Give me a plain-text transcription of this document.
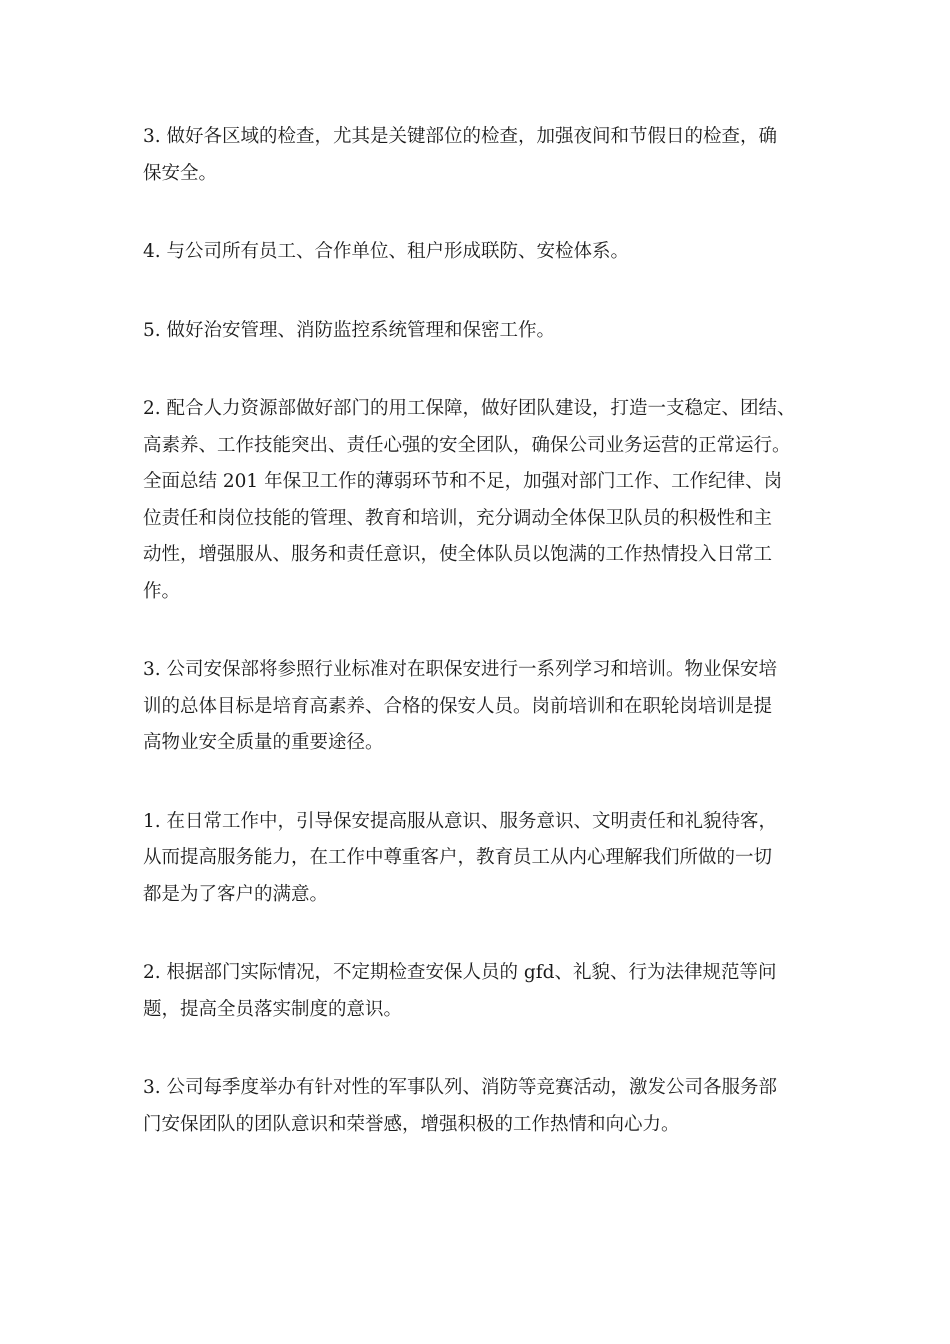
3. 做好各区域的检查，尤其是关键部位的检查，加强夜间和节假日的检查，确
保安全。

4. 与公司所有员工、合作单位、租户形成联防、安检体系。

5. 做好治安管理、消防监控系统管理和保密工作。

2. 配合人力资源部做好部门的用工保障，做好团队建设，打造一支稳定、团结、
高素养、工作技能突出、责任心强的安全团队，确保公司业务运营的正常运行。
全面总结 201 年保卫工作的薄弱环节和不足，加强对部门工作、工作纪律、岗
位责任和岗位技能的管理、教育和培训，充分调动全体保卫队员的积极性和主
动性，增强服从、服务和责任意识，使全体队员以饱满的工作热情投入日常工
作。

3. 公司安保部将参照行业标准对在职保安进行一系列学习和培训。物业保安培
训的总体目标是培育高素养、合格的保安人员。岗前培训和在职轮岗培训是提
高物业安全质量的重要途径。

1. 在日常工作中，引导保安提高服从意识、服务意识、文明责任和礼貌待客，
从而提高服务能力，在工作中尊重客户，教育员工从内心理解我们所做的一切
都是为了客户的满意。

2. 根据部门实际情况，不定期检查安保人员的 gfd、礼貌、行为法律规范等问
题，提高全员落实制度的意识。

3. 公司每季度举办有针对性的军事队列、消防等竞赛活动，激发公司各服务部
门安保团队的团队意识和荣誉感，增强积极的工作热情和向心力。
